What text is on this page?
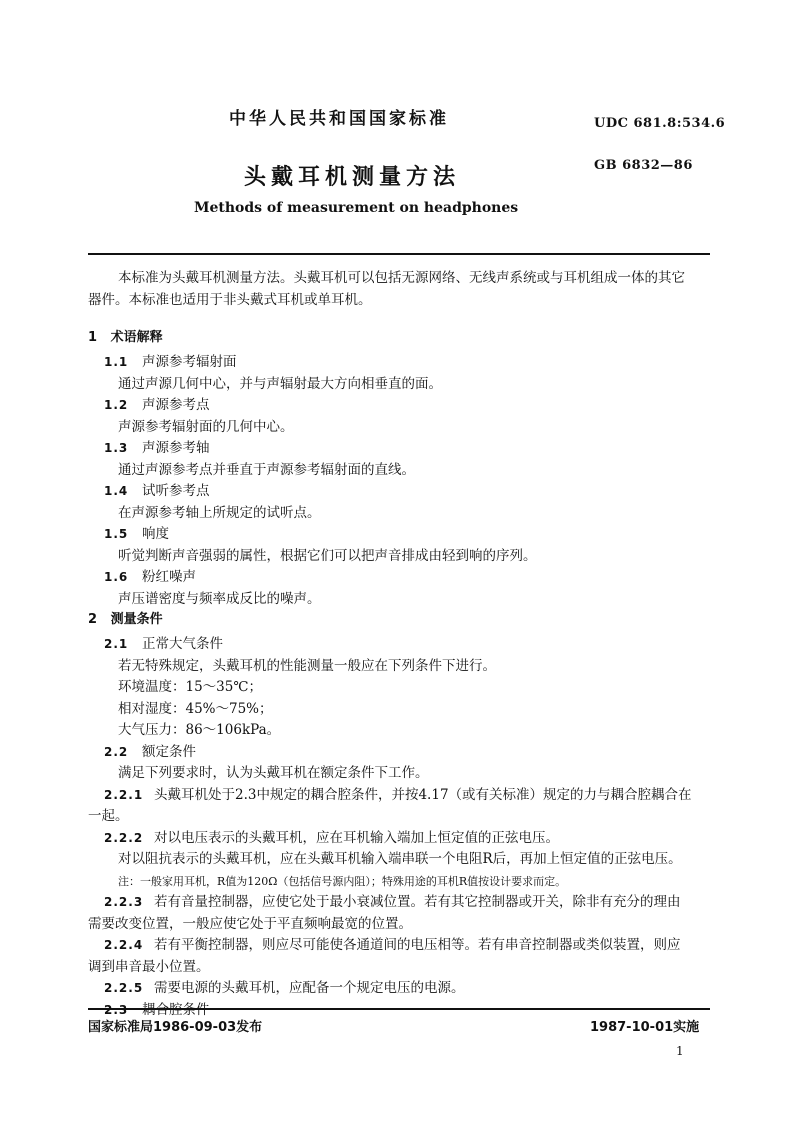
中华人民共和国国家标准	UDC 681.8:534.6
头戴耳机测量方法	GB 6832—86
Methods of measurement on headphones
本标准为头戴耳机测量方法。头戴耳机可以包括无源网络、无线声系统或与耳机组成一体的其它
器件。本标准也适用于非头戴式耳机或单耳机。
1 术语解释
1.1 声源参考辐射面
通过声源几何中心，并与声辐射最大方向相垂直的面。
1.2 声源参考点
声源参考辐射面的几何中心。
1.3 声源参考轴
通过声源参考点并垂直于声源参考辐射面的直线。
1.4 试听参考点
在声源参考轴上所规定的试听点。
1.5 响度
听觉判断声音强弱的属性，根据它们可以把声音排成由轻到响的序列。
1.6 粉红噪声
声压谱密度与频率成反比的噪声。
2 测量条件
2.1 正常大气条件
若无特殊规定，头戴耳机的性能测量一般应在下列条件下进行。
环境温度：15～35℃；
相对湿度：45%～75%；
大气压力：86～106kPa。
2.2 额定条件
满足下列要求时，认为头戴耳机在额定条件下工作。
2.2.1 头戴耳机处于2.3中规定的耦合腔条件，并按4.17（或有关标准）规定的力与耦合腔耦合在
一起。
2.2.2 对以电压表示的头戴耳机，应在耳机输入端加上恒定值的正弦电压。
对以阻抗表示的头戴耳机，应在头戴耳机输入端串联一个电阻R后，再加上恒定值的正弦电压。
注：一般家用耳机，R值为120Ω（包括信号源内阻）；特殊用途的耳机R值按设计要求而定。
2.2.3 若有音量控制器，应使它处于最小衰减位置。若有其它控制器或开关，除非有充分的理由
需要改变位置，一般应使它处于平直频响最宽的位置。
2.2.4 若有平衡控制器，则应尽可能使各通道间的电压相等。若有串音控制器或类似装置，则应
调到串音最小位置。
2.2.5 需要电源的头戴耳机，应配备一个规定电压的电源。
国家标准局1986-09-03发布	1987-10-01实施
1
